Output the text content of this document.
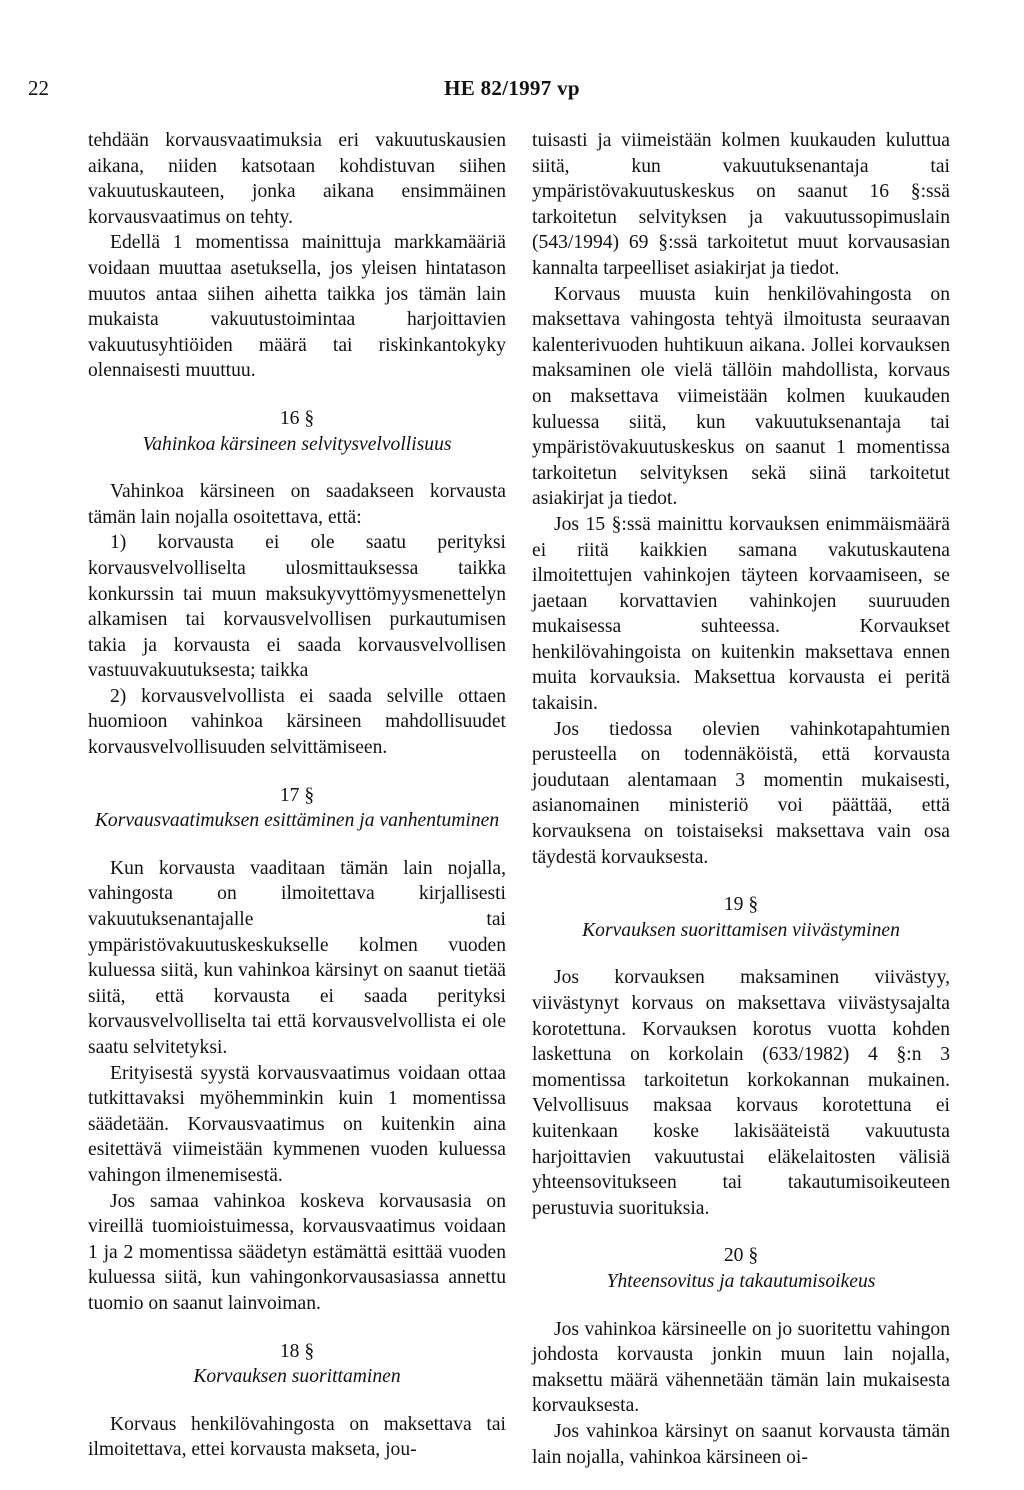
22	HE 82/1997 vp

tehdään korvausvaatimuksia eri vakuutuskausien aikana, niiden katsotaan kohdistuvan siihen vakuutuskauteen, jonka aikana ensimmäinen korvausvaatimus on tehty.

Edellä 1 momentissa mainittuja markkamääriä voidaan muuttaa asetuksella, jos yleisen hintatason muutos antaa siihen aihetta taikka jos tämän lain mukaista vakuutustoimintaa harjoittavien vakuutusyhtiöiden määrä tai riskinkantokyky olennaisesti muuttuu.

16 §
Vahinkoa kärsineen selvitysvelvollisuus

Vahinkoa kärsineen on saadakseen korvausta tämän lain nojalla osoitettava, että:

1) korvausta ei ole saatu perityksi korvausvelvolliselta ulosmittauksessa taikka konkurssin tai muun maksukyvyttömyysmenettelyn alkamisen tai korvausvelvollisen purkautumisen takia ja korvausta ei saada korvausvelvollisen vastuuvakuutuksesta; taikka

2) korvausvelvollista ei saada selville ottaen huomioon vahinkoa kärsineen mahdollisuudet korvausvelvollisuuden selvittämiseen.

17 §
Korvausvaatimuksen esittäminen ja vanhentuminen

Kun korvausta vaaditaan tämän lain nojalla, vahingosta on ilmoitettava kirjallisesti vakuutuksenantajalle tai ympäristövakuutuskeskukselle kolmen vuoden kuluessa siitä, kun vahinkoa kärsinyt on saanut tietää siitä, että korvausta ei saada perityksi korvausvelvolliselta tai että korvausvelvollista ei ole saatu selvitetyksi.

Erityisestä syystä korvausvaatimus voidaan ottaa tutkittavaksi myöhemminkin kuin 1 momentissa säädetään. Korvausvaatimus on kuitenkin aina esitettävä viimeistään kymmenen vuoden kuluessa vahingon ilmenemisestä.

Jos samaa vahinkoa koskeva korvausasia on vireillä tuomioistuimessa, korvausvaatimus voidaan 1 ja 2 momentissa säädetyn estämättä esittää vuoden kuluessa siitä, kun vahingonkorvausasiassa annettu tuomio on saanut lainvoiman.

18 §
Korvauksen suorittaminen

Korvaus henkilövahingosta on maksettava tai ilmoitettava, ettei korvausta makseta, jou-

tuisasti ja viimeistään kolmen kuukauden kuluttua siitä, kun vakuutuksenantaja tai ympäristövakuutuskeskus on saanut 16 §:ssä tarkoitetun selvityksen ja vakuutussopimuslain (543/1994) 69 §:ssä tarkoitetut muut korvausasian kannalta tarpeelliset asiakirjat ja tiedot.

Korvaus muusta kuin henkilövahingosta on maksettava vahingosta tehtyä ilmoitusta seuraavan kalenterivuoden huhtikuun aikana. Jollei korvauksen maksaminen ole vielä tällöin mahdollista, korvaus on maksettava viimeistään kolmen kuukauden kuluessa siitä, kun vakuutuksenantaja tai ympäristövakuutuskeskus on saanut 1 momentissa tarkoitetun selvityksen sekä siinä tarkoitetut asiakirjat ja tiedot.

Jos 15 §:ssä mainittu korvauksen enimmäismäärä ei riitä kaikkien samana vakutuskautena ilmoitettujen vahinkojen täyteen korvaamiseen, se jaetaan korvattavien vahinkojen suuruuden mukaisessa suhteessa. Korvaukset henkilövahingoista on kuitenkin maksettava ennen muita korvauksia. Maksettua korvausta ei peritä takaisin.

Jos tiedossa olevien vahinkotapahtumien perusteella on todennäköistä, että korvausta joudutaan alentamaan 3 momentin mukaisesti, asianomainen ministeriö voi päättää, että korvauksena on toistaiseksi maksettava vain osa täydestä korvauksesta.

19 §
Korvauksen suorittamisen viivästyminen

Jos korvauksen maksaminen viivästyy, viivästynyt korvaus on maksettava viivästysajalta korotettuna. Korvauksen korotus vuotta kohden laskettuna on korkolain (633/1982) 4 §:n 3 momentissa tarkoitetun korkokannan mukainen. Velvollisuus maksaa korvaus korotettuna ei kuitenkaan koske lakisääteistä vakuutusta harjoittavien vakuutustai eläkelaitosten välisiä yhteensovitukseen tai takautumisoikeuteen perustuvia suorituksia.

20 §
Yhteensovitus ja takautumisoikeus

Jos vahinkoa kärsineelle on jo suoritettu vahingon johdosta korvausta jonkin muun lain nojalla, maksettu määrä vähennetään tämän lain mukaisesta korvauksesta.

Jos vahinkoa kärsinyt on saanut korvausta tämän lain nojalla, vahinkoa kärsineen oi-
